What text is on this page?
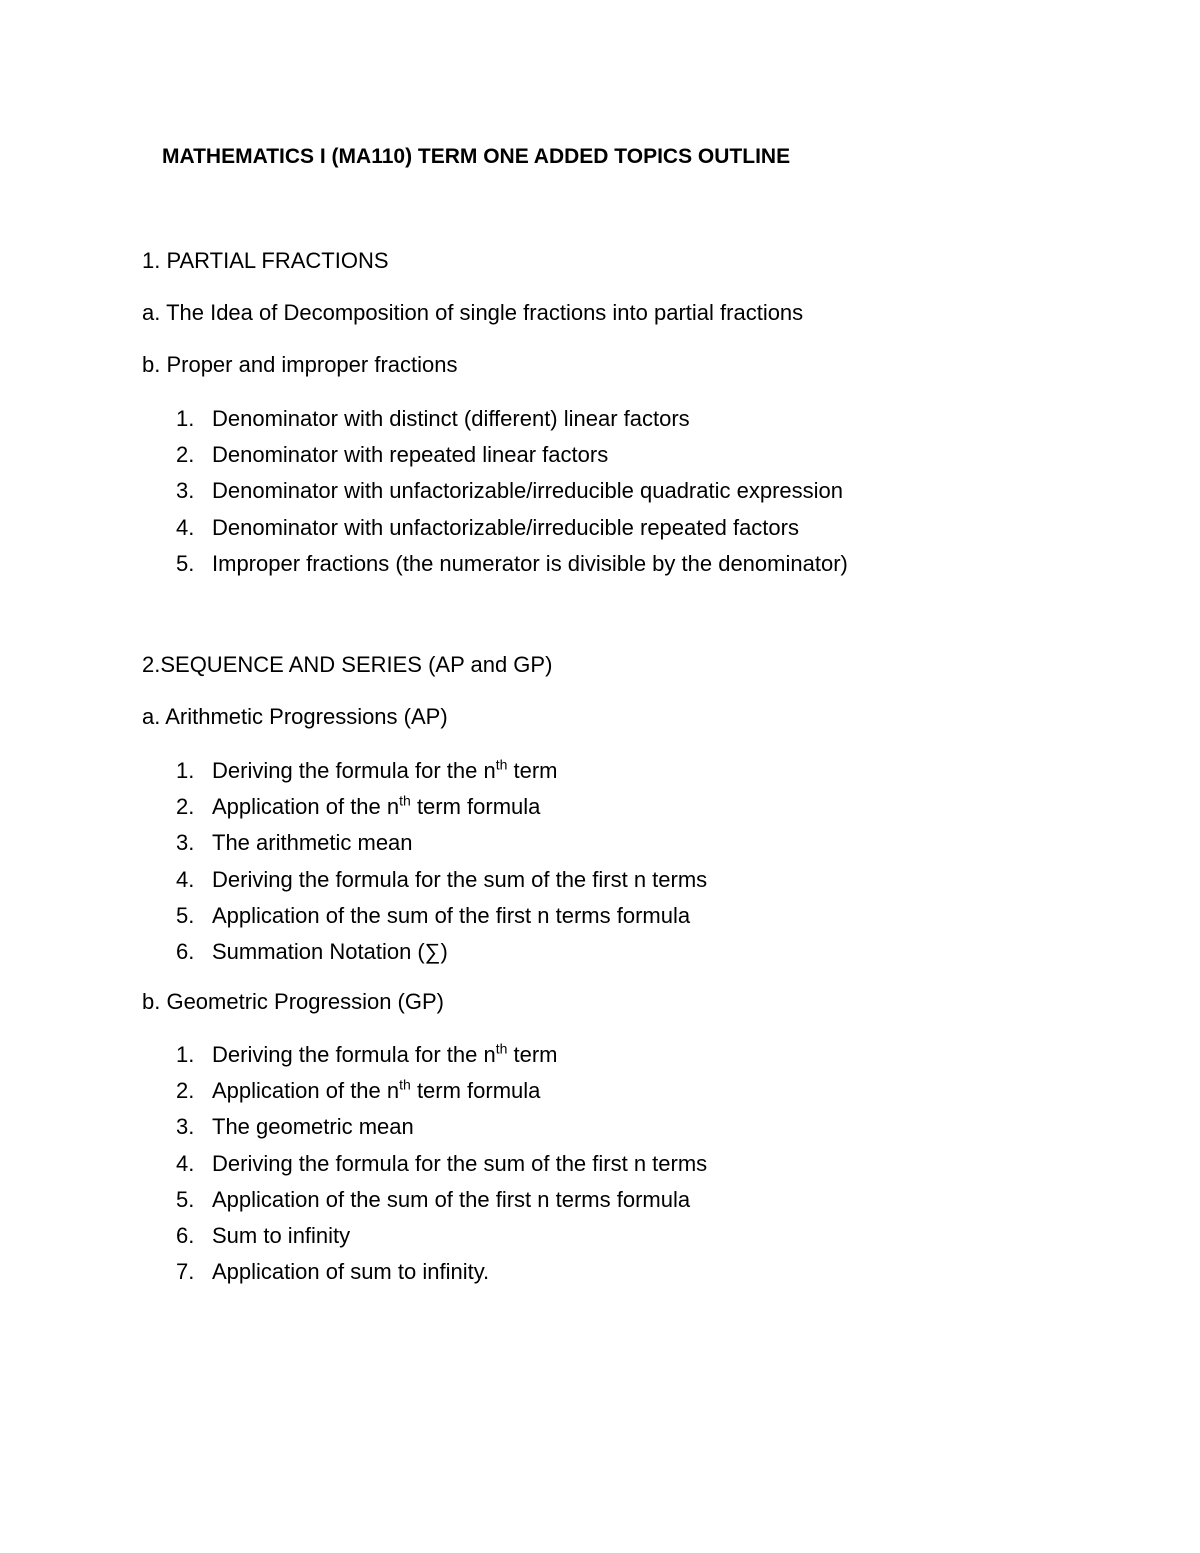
MATHEMATICS I (MA110) TERM ONE ADDED TOPICS OUTLINE

1. PARTIAL FRACTIONS

a. The Idea of Decomposition of single fractions into partial fractions

b. Proper and improper fractions

1. Denominator with distinct (different) linear factors
2. Denominator with repeated linear factors
3. Denominator with unfactorizable/irreducible quadratic expression
4. Denominator with unfactorizable/irreducible repeated factors
5. Improper fractions (the numerator is divisible by the denominator)

2.SEQUENCE AND SERIES (AP and GP)

a. Arithmetic Progressions (AP)

1. Deriving the formula for the $n^{th}$ term
2. Application of the $n^{th}$ term formula
3. The arithmetic mean
4. Deriving the formula for the sum of the first n terms
5. Application of the sum of the first n terms formula
6. Summation Notation (∑)

b. Geometric Progression (GP)

1. Deriving the formula for the $n^{th}$ term
2. Application of the $n^{th}$ term formula
3. The geometric mean
4. Deriving the formula for the sum of the first n terms
5. Application of the sum of the first n terms formula
6. Sum to infinity
7. Application of sum to infinity.
